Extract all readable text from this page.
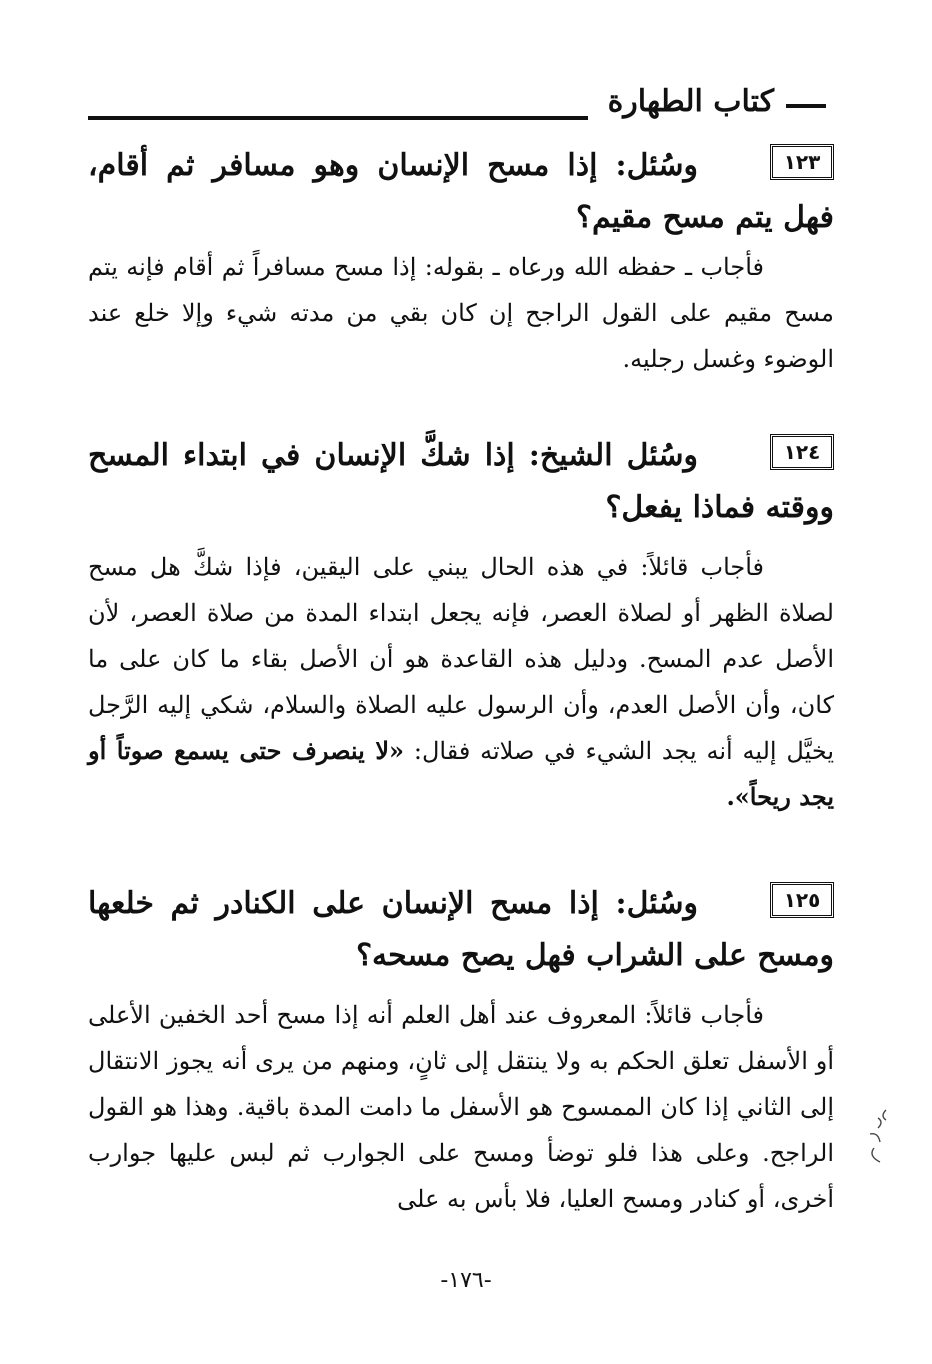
كتاب الطهارة
١٢٣

وسُئل: إذا مسح الإنسان وهو مسافر ثم أقام، فهل يتم مسح مقيم؟

فأجاب ـ حفظه الله ورعاه ـ بقوله: إذا مسح مسافراً ثم أقام فإنه يتم مسح مقيم على القول الراجح إن كان بقي من مدته شيء وإلا خلع عند الوضوء وغسل رجليه.

١٢٤

وسُئل الشيخ: إذا شكَّ الإنسان في ابتداء المسح ووقته فماذا يفعل؟

فأجاب قائلاً: في هذه الحال يبني على اليقين، فإذا شكَّ هل مسح لصلاة الظهر أو لصلاة العصر، فإنه يجعل ابتداء المدة من صلاة العصر، لأن الأصل عدم المسح. ودليل هذه القاعدة هو أن الأصل بقاء ما كان على ما كان، وأن الأصل العدم، وأن الرسول عليه الصلاة والسلام، شكي إليه الرَّجل يخيَّل إليه أنه يجد الشيء في صلاته فقال: «لا ينصرف حتى يسمع صوتاً أو يجد ريحاً».

١٢٥

وسُئل: إذا مسح الإنسان على الكنادر ثم خلعها ومسح على الشراب فهل يصح مسحه؟

فأجاب قائلاً: المعروف عند أهل العلم أنه إذا مسح أحد الخفين الأعلى أو الأسفل تعلق الحكم به ولا ينتقل إلى ثانٍ، ومنهم من يرى أنه يجوز الانتقال إلى الثاني إذا كان الممسوح هو الأسفل ما دامت المدة باقية. وهذا هو القول الراجح. وعلى هذا فلو توضأ ومسح على الجوارب ثم لبس عليها جوارب أخرى، أو كنادر ومسح العليا، فلا بأس به على

-١٧٦-
